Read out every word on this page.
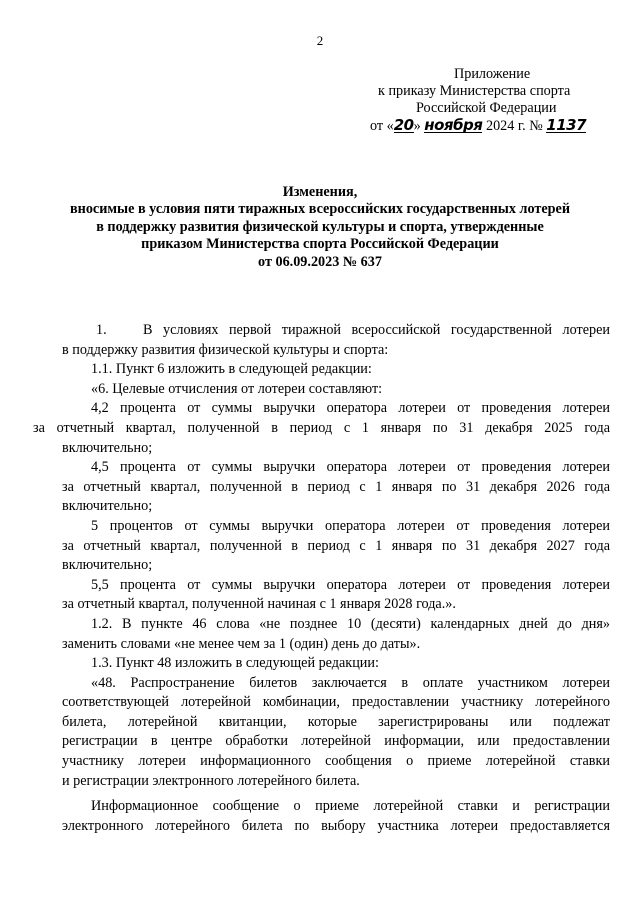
2
Приложение
к приказу Министерства спорта
Российской Федерации
от «20» ноября 2024 г. № 1137
Изменения,
вносимые в условия пяти тиражных всероссийских государственных лотерей
в поддержку развития физической культуры и спорта, утвержденные
приказом Министерства спорта Российской Федерации
от 06.09.2023 № 637

1.	В условиях первой тиражной всероссийской государственной лотереи

в поддержку развития физической культуры и спорта:

1.1. Пункт 6 изложить в следующей редакции:

«6. Целевые отчисления от лотереи составляют:

4,2 процента от суммы выручки оператора лотереи от проведения лотереи
за отчетный квартал, полученной в период с 1 января по 31 декабря 2025 года
включительно;

4,5 процента от суммы выручки оператора лотереи от проведения лотереи
за отчетный квартал, полученной в период с 1 января по 31 декабря 2026 года
включительно;

5 процентов от суммы выручки оператора лотереи от проведения лотереи
за отчетный квартал, полученной в период с 1 января по 31 декабря 2027 года
включительно;

5,5 процента от суммы выручки оператора лотереи от проведения лотереи
за отчетный квартал, полученной начиная с 1 января 2028 года.».

1.2. В пункте 46 слова «не позднее 10 (десяти) календарных дней до дня»
заменить словами «не менее чем за 1 (один) день до даты».

1.3. Пункт 48 изложить в следующей редакции:

«48. Распространение билетов заключается в оплате участником лотереи
соответствующей лотерейной комбинации, предоставлении участнику лотерейного
билета, лотерейной квитанции, которые зарегистрированы или подлежат
регистрации в центре обработки лотерейной информации, или предоставлении
участнику лотереи информационного сообщения о приеме лотерейной ставки
и регистрации электронного лотерейного билета.

Информационное сообщение о приеме лотерейной ставки и регистрации
электронного лотерейного билета по выбору участника лотереи предоставляется
